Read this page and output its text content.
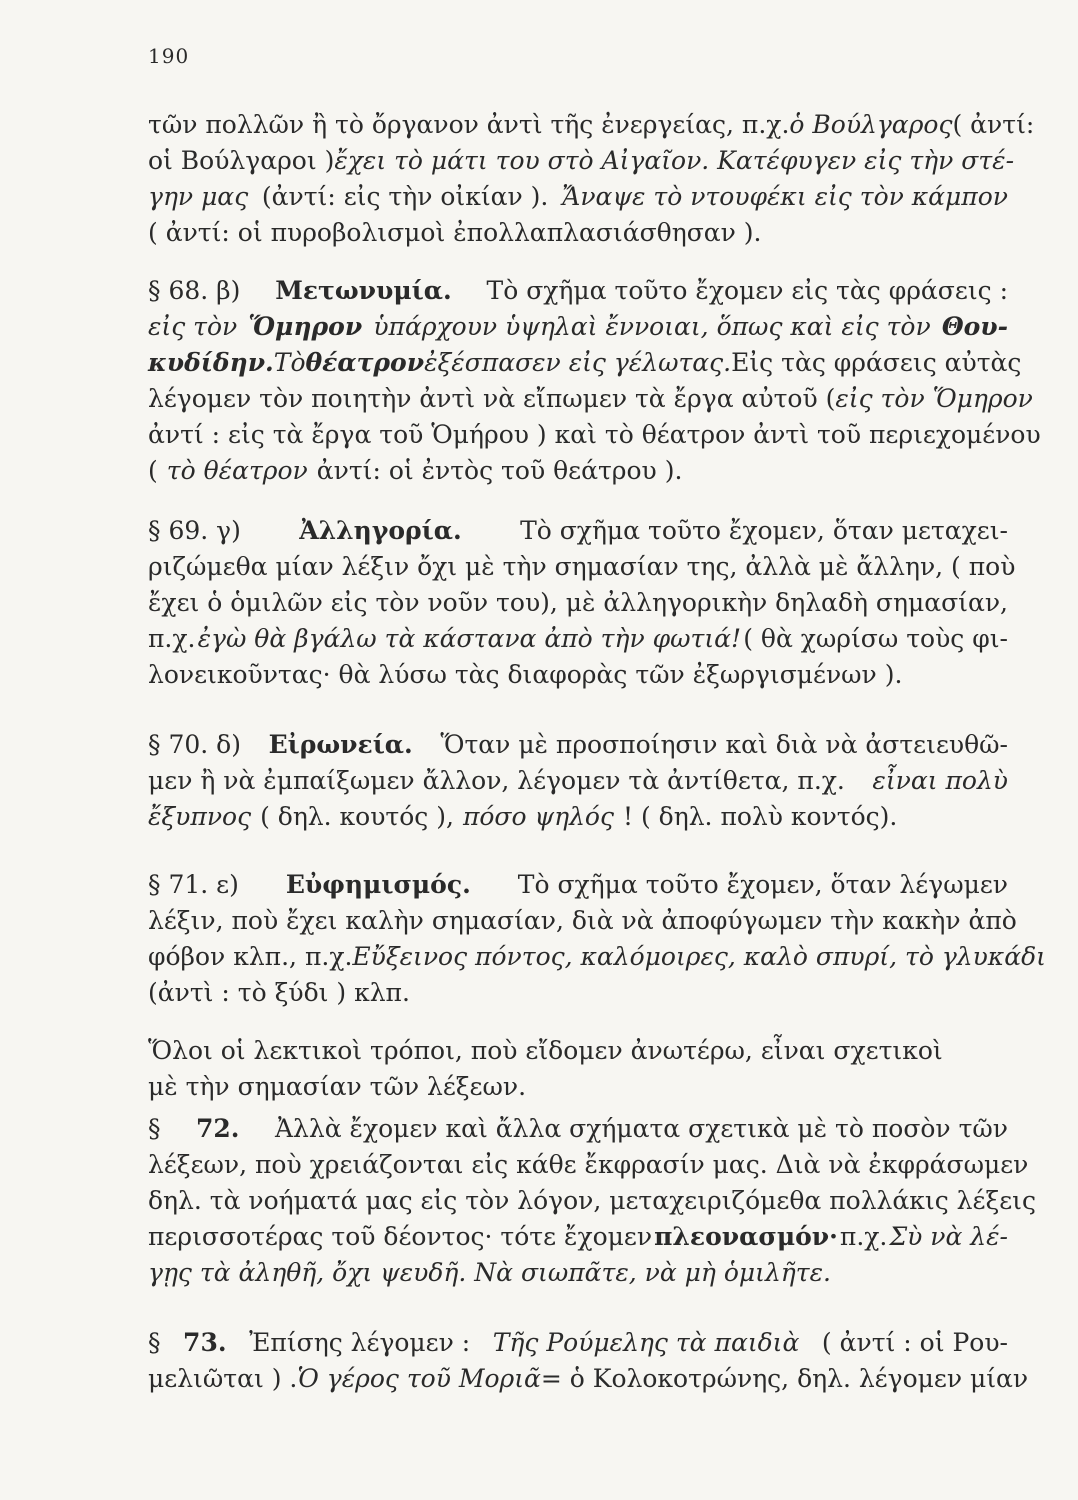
190
τῶν πολλῶν ἢ τὸ ὄργανον ἀντὶ τῆς ἐνεργείας, π.χ. ὁ Βούλγαρος ( ἀντί:
οἱ Βούλγαροι ) ἔχει τὸ μάτι του στὸ Αἰγαῖον. Κατέφυγεν εἰς τὴν στέ-
γην μας (ἀντί: εἰς τὴν οἰκίαν ). Ἄναψε τὸ ντουφέκι εἰς τὸν κάμπον
( ἀντί: οἱ πυροβολισμοὶ ἐπολλαπλασιάσθησαν ).
§ 68. β) Μετωνυμία. Τὸ σχῆμα τοῦτο ἔχομεν εἰς τὰς φράσεις :
εἰς τὸν Ὅμηρον ὑπάρχουν ὑψηλαὶ ἔννοιαι, ὅπως καὶ εἰς τὸν Θου-
κυδίδην. Τὸ θέατρον ἐξέσπασεν εἰς γέλωτας. Εἰς τὰς φράσεις αὐτὰς
λέγομεν τὸν ποιητὴν ἀντὶ νὰ εἴπωμεν τὰ ἔργα αὐτοῦ ( εἰς τὸν Ὅμηρον
ἀντί : εἰς τὰ ἔργα τοῦ Ὁμήρου ) καὶ τὸ θέατρον ἀντὶ τοῦ περιεχομένου
( τὸ θέατρον ἀντί: οἱ ἐντὸς τοῦ θεάτρου ).
§ 69. γ) Ἀλληγορία. Τὸ σχῆμα τοῦτο ἔχομεν, ὅταν μεταχει-
ριζώμεθα μίαν λέξιν ὄχι μὲ τὴν σημασίαν της, ἀλλὰ μὲ ἄλλην, ( ποὺ
ἔχει ὁ ὁμιλῶν εἰς τὸν νοῦν του), μὲ ἀλληγορικὴν δηλαδὴ σημασίαν,
π.χ. ἐγὼ θὰ βγάλω τὰ κάστανα ἀπὸ τὴν φωτιά! ( θὰ χωρίσω τοὺς φι-
λονεικοῦντας· θὰ λύσω τὰς διαφορὰς τῶν ἐξωργισμένων ).
§ 70. δ) Εἰρωνεία. Ὅταν μὲ προσποίησιν καὶ διὰ νὰ ἀστειευθῶ-
μεν ἢ νὰ ἐμπαίξωμεν ἄλλον, λέγομεν τὰ ἀντίθετα, π.χ. εἶναι πολὺ
ἔξυπνος ( δηλ. κουτός ), πόσο ψηλός ! ( δηλ. πολὺ κοντός).
§ 71. ε) Εὐφημισμός. Τὸ σχῆμα τοῦτο ἔχομεν, ὅταν λέγωμεν
λέξιν, ποὺ ἔχει καλὴν σημασίαν, διὰ νὰ ἀποφύγωμεν τὴν κακὴν ἀπὸ
φόβον κλπ., π.χ. Εὔξεινος πόντος, καλόμοιρες, καλὸ σπυρί, τὸ γλυκάδι
(ἀντὶ : τὸ ξύδι ) κλπ.
Ὅλοι οἱ λεκτικοὶ τρόποι, ποὺ εἴδομεν ἀνωτέρω, εἶναι σχετικοὶ
μὲ τὴν σημασίαν τῶν λέξεων.
§ 72. Ἀλλὰ ἔχομεν καὶ ἄλλα σχήματα σχετικὰ μὲ τὸ ποσὸν τῶν
λέξεων, ποὺ χρειάζονται εἰς κάθε ἔκφρασίν μας. Διὰ νὰ ἐκφράσωμεν
δηλ. τὰ νοήματά μας εἰς τὸν λόγον, μεταχειριζόμεθα πολλάκις λέξεις
περισσοτέρας τοῦ δέοντος· τότε ἔχομεν πλεονασμόν· π.χ. Σὺ νὰ λέ-
γῃς τὰ ἀληθῆ, ὄχι ψευδῆ. Νὰ σιωπᾶτε, νὰ μὴ ὁμιλῆτε.
§ 73. Ἐπίσης λέγομεν : Τῆς Ρούμελης τὰ παιδιὰ ( ἀντί : οἱ Ρου-
μελιῶται ) . Ὁ γέρος τοῦ Μοριᾶ = ὁ Κολοκοτρώνης, δηλ. λέγομεν μίαν
